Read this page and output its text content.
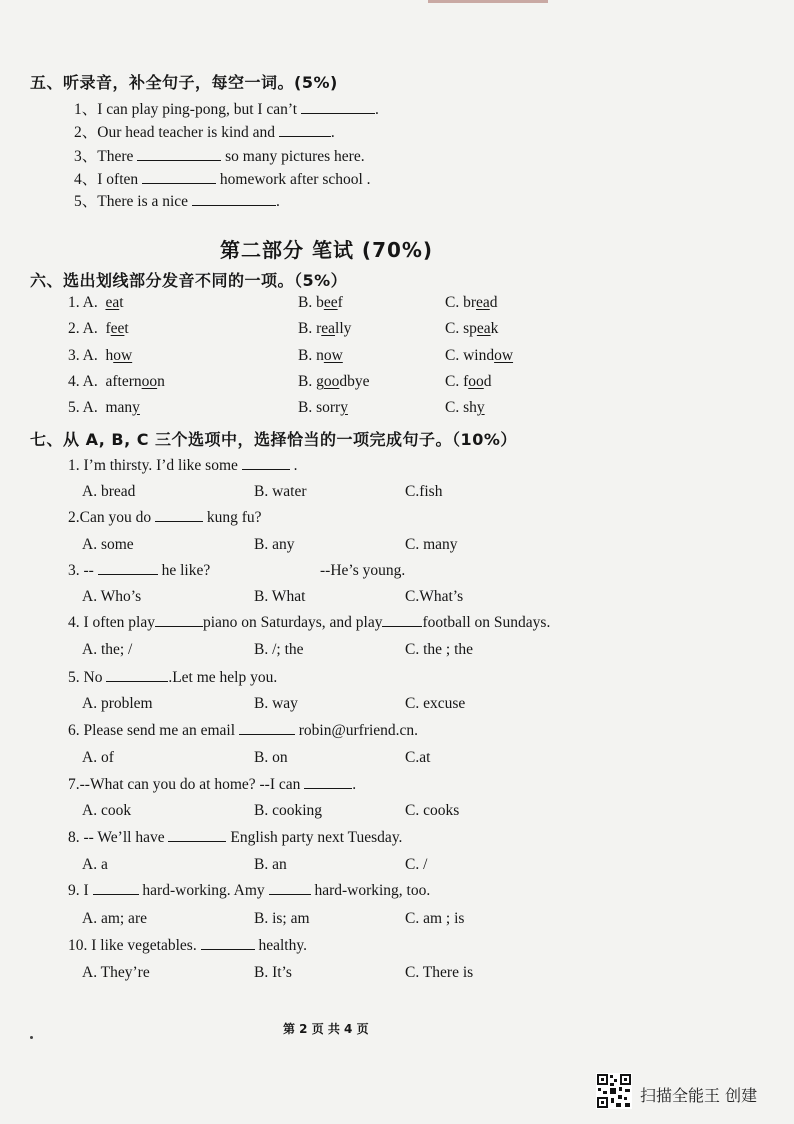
五、听录音，补全句子，每空一词。(5%)
1、I can play ping-pong, but I can’t	.
2、Our head teacher is kind and	.
3、There	so many pictures here.
4、I often	homework after school .
5、There is a nice	.
第二部分 笔试 (70%)
六、选出划线部分发音不同的一项。（5%）
1. A. eat	B. beef	C. bread
2. A. feet	B. really	C. speak
3. A. how	B. now	C. window
4. A. afternoon	B. goodbye	C. food
5. A. many	B. sorry	C. shy
七、从 A, B, C 三个选项中，选择恰当的一项完成句子。（10%）
1. I’m thirsty. I’d like some	.
A. bread	B. water	C.fish
2.Can you do	kung fu?
A. some	B. any	C. many
3. --	he like?	--He’s young.
A. Who’s	B. What	C.What’s
4. I often play	piano on Saturdays, and play	football on Sundays.
A. the; /	B. /; the	C. the ; the
5. No	.Let me help you.
A. problem	B. way	C. excuse
6. Please send me an email	robin@urfriend.cn.
A. of	B. on	C.at
7.--What can you do at home? --I can	.
A. cook	B. cooking	C. cooks
8. -- We’ll have	English party next Tuesday.
A. a	B. an	C. /
9. I	hard-working. Amy	hard-working, too.
A. am; are	B. is; am	C. am ; is
10. I like vegetables.	healthy.
A. They’re	B. It’s	C. There is
第 2 页 共 4 页
扫描全能王 创建
